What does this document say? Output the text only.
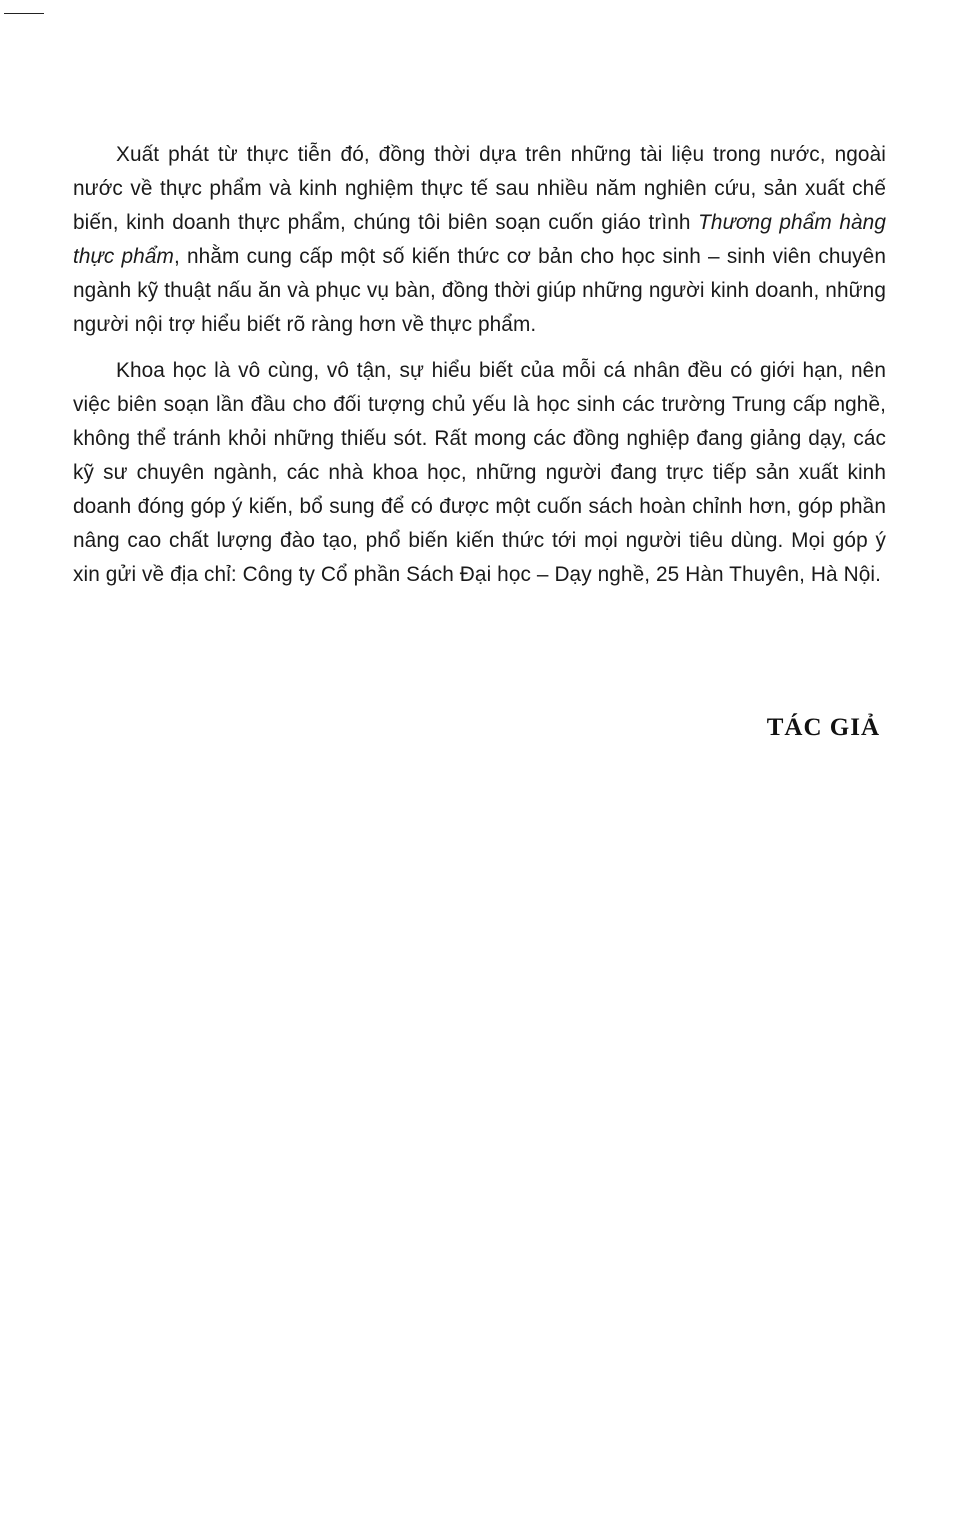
Xuất phát từ thực tiễn đó, đồng thời dựa trên những tài liệu trong nước, ngoài nước về thực phẩm và kinh nghiệm thực tế sau nhiều năm nghiên cứu, sản xuất chế biến, kinh doanh thực phẩm, chúng tôi biên soạn cuốn giáo trình Thương phẩm hàng thực phẩm, nhằm cung cấp một số kiến thức cơ bản cho học sinh – sinh viên chuyên ngành kỹ thuật nấu ăn và phục vụ bàn, đồng thời giúp những người kinh doanh, những người nội trợ hiểu biết rõ ràng hơn về thực phẩm.

Khoa học là vô cùng, vô tận, sự hiểu biết của mỗi cá nhân đều có giới hạn, nên việc biên soạn lần đầu cho đối tượng chủ yếu là học sinh các trường Trung cấp nghề, không thể tránh khỏi những thiếu sót. Rất mong các đồng nghiệp đang giảng dạy, các kỹ sư chuyên ngành, các nhà khoa học, những người đang trực tiếp sản xuất kinh doanh đóng góp ý kiến, bổ sung để có được một cuốn sách hoàn chỉnh hơn, góp phần nâng cao chất lượng đào tạo, phổ biến kiến thức tới mọi người tiêu dùng. Mọi góp ý xin gửi về địa chỉ: Công ty Cổ phần Sách Đại học – Dạy nghề, 25 Hàn Thuyên, Hà Nội.

TÁC GIẢ
